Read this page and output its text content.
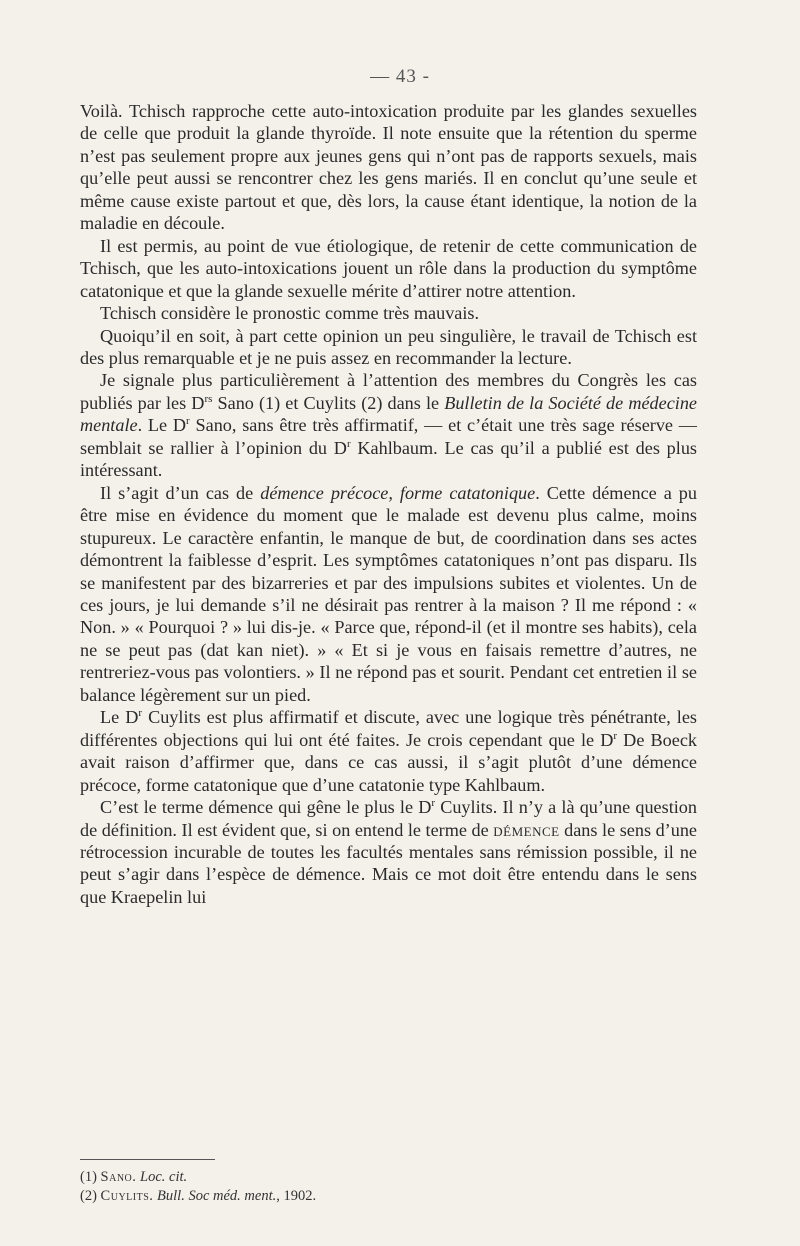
— 43 -

Voilà. Tchisch rapproche cette auto-intoxication produite par les glandes sexuelles de celle que produit la glande thyroïde. Il note ensuite que la rétention du sperme n’est pas seulement propre aux jeunes gens qui n’ont pas de rapports sexuels, mais qu’elle peut aussi se rencontrer chez les gens mariés. Il en conclut qu’une seule et même cause existe partout et que, dès lors, la cause étant identique, la notion de la maladie en découle.

Il est permis, au point de vue étiologique, de retenir de cette communication de Tchisch, que les auto-intoxications jouent un rôle dans la production du symptôme catatonique et que la glande sexuelle mérite d’attirer notre attention.

Tchisch considère le pronostic comme très mauvais.

Quoiqu’il en soit, à part cette opinion un peu singulière, le travail de Tchisch est des plus remarquable et je ne puis assez en recommander la lecture.

Je signale plus particulièrement à l’attention des membres du Congrès les cas publiés par les $D^{rs}$ Sano (1) et Cuylits (2) dans le Bulletin de la Société de médecine mentale. Le $D^r$ Sano, sans être très affirmatif, — et c’était une très sage réserve — semblait se rallier à l’opinion du $D^r$ Kahlbaum. Le cas qu’il a publié est des plus intéressant.

Il s’agit d’un cas de démence précoce, forme catatonique. Cette démence a pu être mise en évidence du moment que le malade est devenu plus calme, moins stupureux. Le caractère enfantin, le manque de but, de coordination dans ses actes démontrent la faiblesse d’esprit. Les symptômes catatoniques n’ont pas disparu. Ils se manifestent par des bizarreries et par des impulsions subites et violentes. Un de ces jours, je lui demande s’il ne désirait pas rentrer à la maison ? Il me répond : « Non. » « Pourquoi ? » lui dis-je. « Parce que, répond-il (et il montre ses habits), cela ne se peut pas (dat kan niet). » « Et si je vous en faisais remettre d’autres, ne rentreriez-vous pas volontiers. » Il ne répond pas et sourit. Pendant cet entretien il se balance légèrement sur un pied.

Le $D^r$ Cuylits est plus affirmatif et discute, avec une logique très pénétrante, les différentes objections qui lui ont été faites. Je crois cependant que le $D^r$ De Boeck avait raison d’affirmer que, dans ce cas aussi, il s’agit plutôt d’une démence précoce, forme catatonique que d’une catatonie type Kahlbaum.

C’est le terme démence qui gêne le plus le $D^r$ Cuylits. Il n’y a là qu’une question de définition. Il est évident que, si on entend le terme de démence dans le sens d’une rétrocession incurable de toutes les facultés mentales sans rémission possible, il ne peut s’agir dans l’espèce de démence. Mais ce mot doit être entendu dans le sens que Kraepelin lui

(1) Sano. Loc. cit.
(2) Cuylits. Bull. Soc méd. ment., 1902.
